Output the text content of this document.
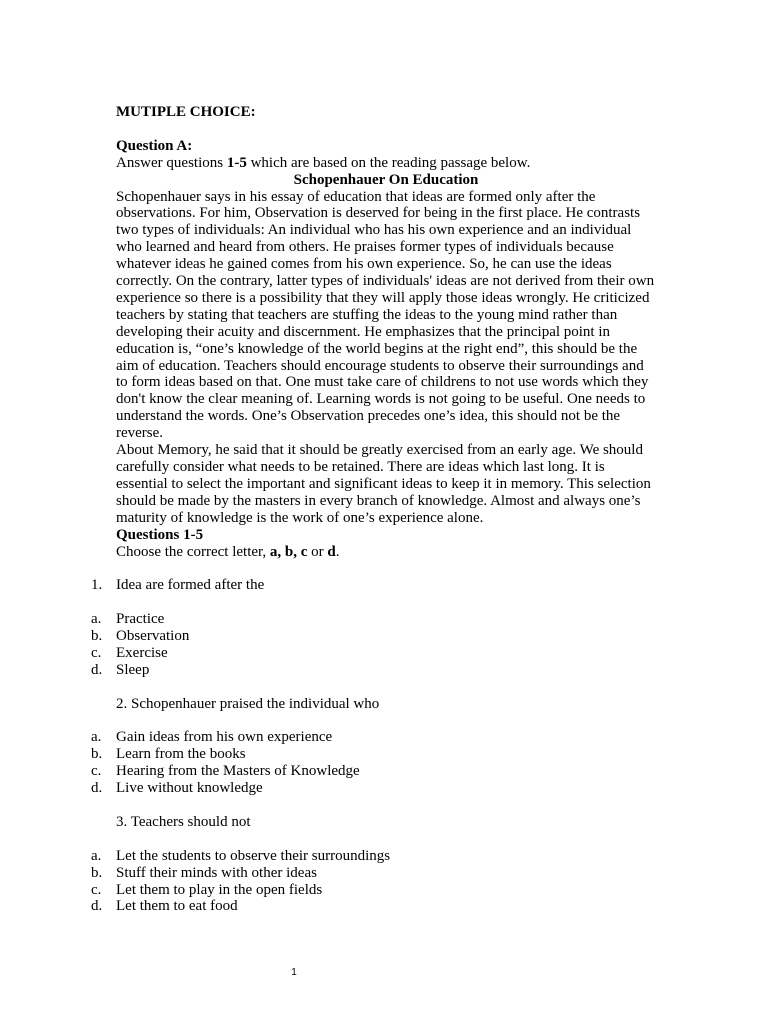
MUTIPLE CHOICE:
Question A:
Answer questions 1-5 which are based on the reading passage below.
Schopenhauer On Education

Schopenhauer says in his essay of education that ideas are formed only after the observations. For him, Observation is deserved for being in the first place. He contrasts two types of individuals: An individual who has his own experience and an individual who learned and heard from others. He praises former types of individuals because whatever ideas he gained comes from his own experience. So, he can use the ideas correctly. On the contrary, latter types of individuals' ideas are not derived from their own experience so there is a possibility that they will apply those ideas wrongly. He criticized teachers by stating that teachers are stuffing the ideas to the young mind rather than developing their acuity and discernment. He emphasizes that the principal point in education is, “one’s knowledge of the world begins at the right end”, this should be the aim of education. Teachers should encourage students to observe their surroundings and to form ideas based on that. One must take care of childrens to not use words which they don't know the clear meaning of. Learning words is not going to be useful. One needs to understand the words. One’s Observation precedes one’s idea, this should not be the reverse.

About Memory, he said that it should be greatly exercised from an early age. We should carefully consider what needs to be retained. There are ideas which last long. It is essential to select the important and significant ideas to keep it in memory. This selection should be made by the masters in every branch of knowledge. Almost and always one’s maturity of knowledge is the work of one’s experience alone.

Questions 1-5
Choose the correct letter, a, b, c or d.
1. Idea are formed after the
a. Practice
b. Observation
c. Exercise
d. Sleep
2. Schopenhauer praised the individual who
a. Gain ideas from his own experience
b. Learn from the books
c. Hearing from the Masters of Knowledge
d. Live without knowledge
3. Teachers should not
a. Let the students to observe their surroundings
b. Stuff their minds with other ideas
c. Let them to play in the open fields
d. Let them to eat food
1
